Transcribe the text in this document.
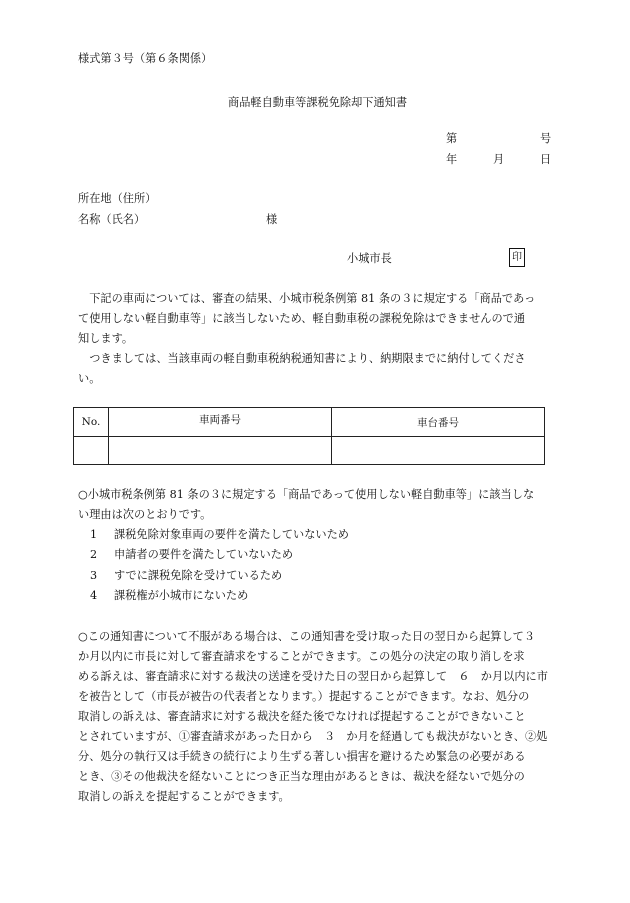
様式第３号（第６条関係）
商品軽自動車等課税免除却下通知書
第	号
年	月	日
所在地（住所）
名称（氏名）	様
小城市長	印
　下記の車両については、審査の結果、小城市税条例第 81 条の３に規定する「商品であっ
て使用しない軽自動車等」に該当しないため、軽自動車税の課税免除はできませんので通
知します。
　つきましては、当該車両の軽自動車税納税通知書により、納期限までに納付してくださ
い。
No.	車両番号	車台番号

○小城市税条例第 81 条の３に規定する「商品であって使用しない軽自動車等」に該当しな
い理由は次のとおりです。
1 課税免除対象車両の要件を満たしていないため
2 申請者の要件を満たしていないため
3 すでに課税免除を受けているため
4 課税権が小城市にないため
○この通知書について不服がある場合は、この通知書を受け取った日の翌日から起算して３
か月以内に市長に対して審査請求をすることができます。この処分の決定の取り消しを求
める訴えは、審査請求に対する裁決の送達を受けた日の翌日から起算して　６　か月以内に市
を被告として（市長が被告の代表者となります。）提起することができます。なお、処分の
取消しの訴えは、審査請求に対する裁決を経た後でなければ提起することができないこと
とされていますが、①審査請求があった日から　３　か月を経過しても裁決がないとき、②処
分、処分の執行又は手続きの続行により生ずる著しい損害を避けるため緊急の必要がある
とき、③その他裁決を経ないことにつき正当な理由があるときは、裁決を経ないで処分の
取消しの訴えを提起することができます。
